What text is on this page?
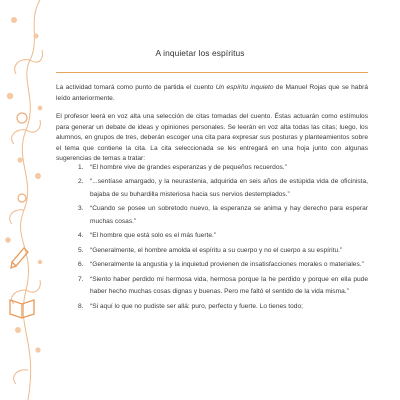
A inquietar los espíritus

La actividad tomará como punto de partida el cuento Un espíritu inquieto de Manuel Rojas que se habrá leído anteriormente.

El profesor leerá en voz alta una selección de citas tomadas del cuento. Éstas actuarán como estímulos para generar un debate de ideas y opiniones personales. Se leerán en voz alta todas las citas; luego, los alumnos, en grupos de tres, deberán escoger una cita para expresar sus posturas y planteamientos sobre el tema que contiene la cita. La cita seleccionada se les entregará en una hoja junto con algunas sugerencias de temas a tratar:

1. “El hombre vive de grandes esperanzas y de pequeños recuerdos.”
2. “...sentíase amargado, y la neurastenia, adquirida en seis años de estúpida vida de oficinista, bajaba de su buhardilla misteriosa hacia sus nervios destemplados.”
3. “Cuando se posee un sobretodo nuevo, la esperanza se anima y hay derecho para esperar muchas cosas.”
4. “El hombre que está solo es el más fuerte.”
5. “Generalmente, el hombre amolda el espíritu a su cuerpo y no el cuerpo a su espíritu.”
6. “Generalmente la angustia y la inquietud provienen de insatisfacciones morales o materiales.”
7. “Siento haber perdido mi hermosa vida, hermosa porque la he perdido y porque en ella pude haber hecho muchas cosas dignas y buenas. Pero me faltó el sentido de la vida misma.”
8. “Si aquí lo que no pudiste ser allá: puro, perfecto y fuerte. Lo tienes todo;
